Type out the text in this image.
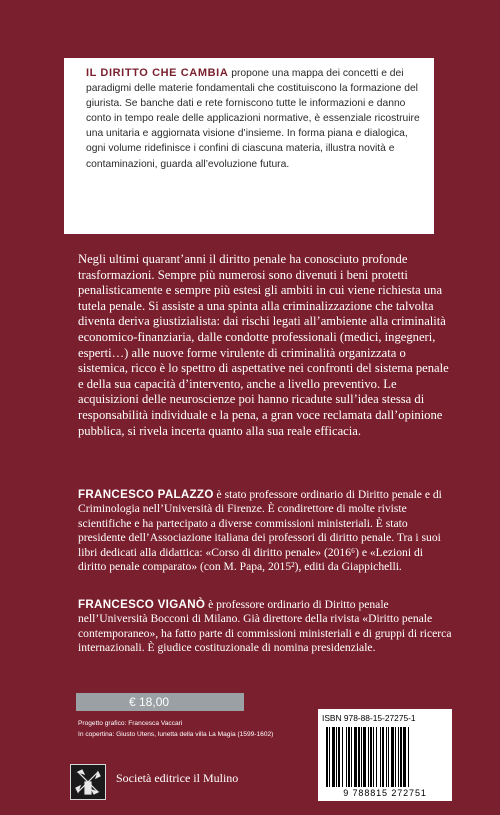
IL DIRITTO CHE CAMBIA propone una mappa dei concetti e dei paradigmi delle materie fondamentali che costituiscono la formazione del giurista. Se banche dati e rete forniscono tutte le informazioni e danno conto in tempo reale delle applicazioni normative, è essenziale ricostruire una unitaria e aggiornata visione d’insieme. In forma piana e dialogica, ogni volume ridefinisce i confini di ciascuna materia, illustra novità e contaminazioni, guarda all’evoluzione futura.
Negli ultimi quarant’anni il diritto penale ha conosciuto profonde trasformazioni. Sempre più numerosi sono divenuti i beni protetti penalisticamente e sempre più estesi gli ambiti in cui viene richiesta una tutela penale. Si assiste a una spinta alla criminalizzazione che talvolta diventa deriva giustizialista: dai rischi legati all’ambiente alla criminalità economico-finanziaria, dalle condotte professionali (medici, ingegneri, esperti…) alle nuove forme virulente di criminalità organizzata o sistemica, ricco è lo spettro di aspettative nei confronti del sistema penale e della sua capacità d’intervento, anche a livello preventivo. Le acquisizioni delle neuroscienze poi hanno ricadute sull’idea stessa di responsabilità individuale e la pena, a gran voce reclamata dall’opinione pubblica, si rivela incerta quanto alla sua reale efficacia.
FRANCESCO PALAZZO è stato professore ordinario di Diritto penale e di Criminologia nell’Università di Firenze. È condirettore di molte riviste scientifiche e ha partecipato a diverse commissioni ministeriali. È stato presidente dell’Associazione italiana dei professori di diritto penale. Tra i suoi libri dedicati alla didattica: «Corso di diritto penale» (2016⁶) e «Lezioni di diritto penale comparato» (con M. Papa, 2015²), editi da Giappichelli.
FRANCESCO VIGANÒ è professore ordinario di Diritto penale nell’Università Bocconi di Milano. Già direttore della rivista «Diritto penale contemporaneo», ha fatto parte di commissioni ministeriali e di gruppi di ricerca internazionali. È giudice costituzionale di nomina presidenziale.
€ 18,00
Progetto grafico: Francesca Vaccari
In copertina: Giusto Utens, lunetta della villa La Magia (1599-1602)
Società editrice il Mulino
ISBN 978-88-15-27275-1
9 788815 272751
